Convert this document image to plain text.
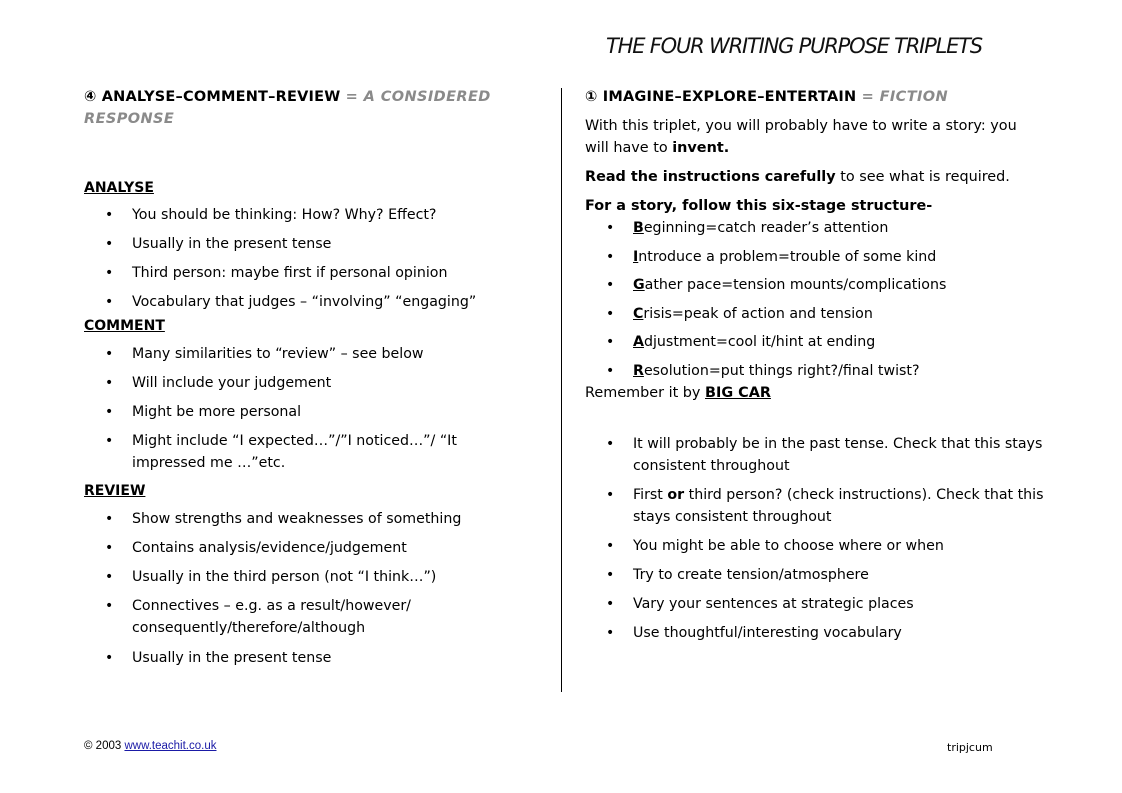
THE FOUR WRITING PURPOSE TRIPLETS
④ ANALYSE–COMMENT–REVIEW = A CONSIDERED RESPONSE
ANALYSE
• You should be thinking: How? Why? Effect?
• Usually in the present tense
• Third person: maybe first if personal opinion
• Vocabulary that judges – “involving” “engaging”
COMMENT
• Many similarities to “review” – see below
• Will include your judgement
• Might be more personal
• Might include “I expected…”/”I noticed…”/ “It impressed me …”etc.
REVIEW
• Show strengths and weaknesses of something
• Contains analysis/evidence/judgement
• Usually in the third person (not “I think…”)
• Connectives – e.g. as a result/however/ consequently/therefore/although
• Usually in the present tense
① IMAGINE–EXPLORE–ENTERTAIN = FICTION

With this triplet, you will probably have to write a story: you will have to invent.

Read the instructions carefully to see what is required.

For a story, follow this six-stage structure-

• Beginning=catch reader’s attention
• Introduce a problem=trouble of some kind
• Gather pace=tension mounts/complications
• Crisis=peak of action and tension
• Adjustment=cool it/hint at ending
• Resolution=put things right?/final twist?

Remember it by BIG CAR

• It will probably be in the past tense. Check that this stays consistent throughout
• First or third person? (check instructions). Check that this stays consistent throughout
• You might be able to choose where or when
• Try to create tension/atmosphere
• Vary your sentences at strategic places
• Use thoughtful/interesting vocabulary
© 2003 www.teachit.co.uk	tripjcum
